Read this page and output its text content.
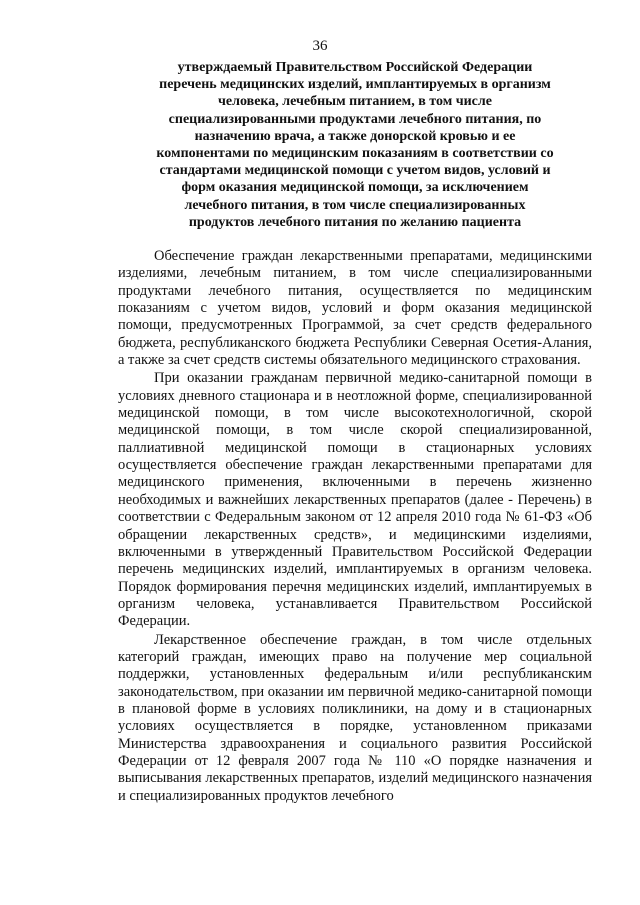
36
утверждаемый Правительством Российской Федерации
перечень медицинских изделий, имплантируемых в организм
человека, лечебным питанием, в том числе
специализированными продуктами лечебного питания, по
назначению врача, а также донорской кровью и ее
компонентами по медицинским показаниям в соответствии со
стандартами медицинской помощи с учетом видов, условий и
форм оказания медицинской помощи, за исключением
лечебного питания, в том числе специализированных
продуктов лечебного питания по желанию пациента

Обеспечение граждан лекарственными препаратами, медицинскими изделиями, лечебным питанием, в том числе специализированными продуктами лечебного питания, осуществляется по медицинским показаниям с учетом видов, условий и форм оказания медицинской помощи, предусмотренных Программой, за счет средств федерального бюджета, республиканского бюджета Республики Северная Осетия-Алания, а также за счет средств системы обязательного медицинского страхования.

При оказании гражданам первичной медико-санитарной помощи в условиях дневного стационара и в неотложной форме, специализированной медицинской помощи, в том числе высокотехнологичной, скорой медицинской помощи, в том числе скорой специализированной, паллиативной медицинской помощи в стационарных условиях осуществляется обеспечение граждан лекарственными препаратами для медицинского применения, включенными в перечень жизненно необходимых и важнейших лекарственных препаратов (далее - Перечень) в соответствии с Федеральным законом от 12 апреля 2010 года № 61-ФЗ «Об обращении лекарственных средств», и медицинскими изделиями, включенными в утвержденный Правительством Российской Федерации перечень медицинских изделий, имплантируемых в организм человека. Порядок формирования перечня медицинских изделий, имплантируемых в организм человека, устанавливается Правительством Российской Федерации.

Лекарственное обеспечение граждан, в том числе отдельных категорий граждан, имеющих право на получение мер социальной поддержки, установленных федеральным и/или республиканским законодательством, при оказании им первичной медико-санитарной помощи в плановой форме в условиях поликлиники, на дому и в стационарных условиях осуществляется в порядке, установленном приказами Министерства здравоохранения и социального развития Российской Федерации от 12 февраля 2007 года № 110 «О порядке назначения и выписывания лекарственных препаратов, изделий медицинского назначения и специализированных продуктов лечебного
